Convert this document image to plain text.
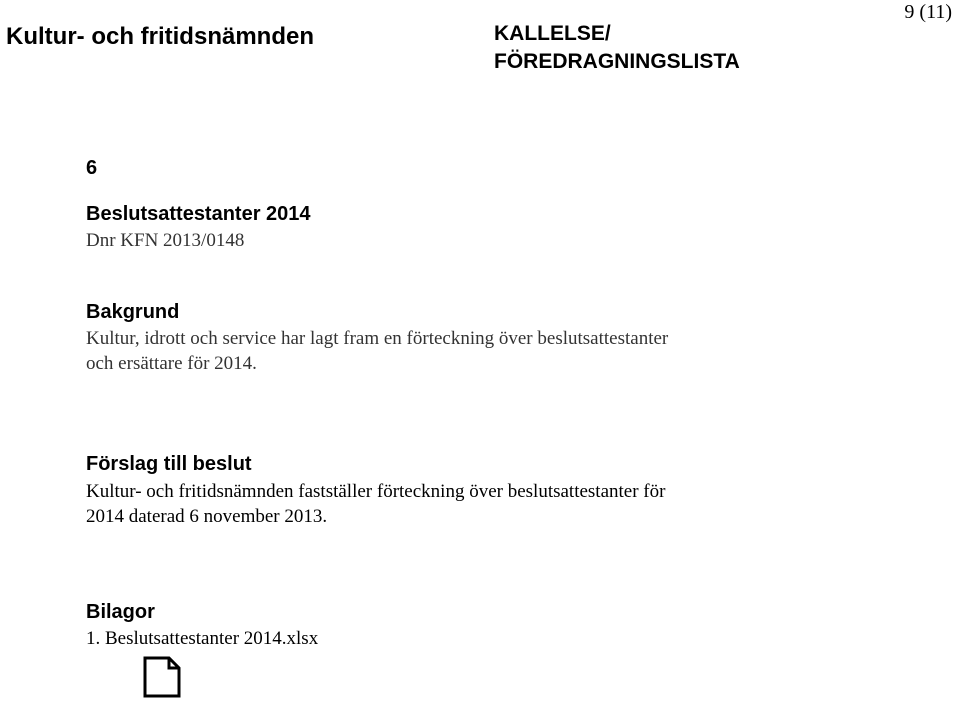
Kultur- och fritidsnämnden	KALLELSE/
FÖREDRAGNINGSLISTA
9 (11)
6
Beslutsattestanter 2014
Dnr KFN 2013/0148
Bakgrund
Kultur, idrott och service har lagt fram en förteckning över beslutsattestanter
och ersättare för 2014.
Förslag till beslut
Kultur- och fritidsnämnden fastställer förteckning över beslutsattestanter för
2014 daterad 6 november 2013.
Bilagor
1. Beslutsattestanter 2014.xlsx
